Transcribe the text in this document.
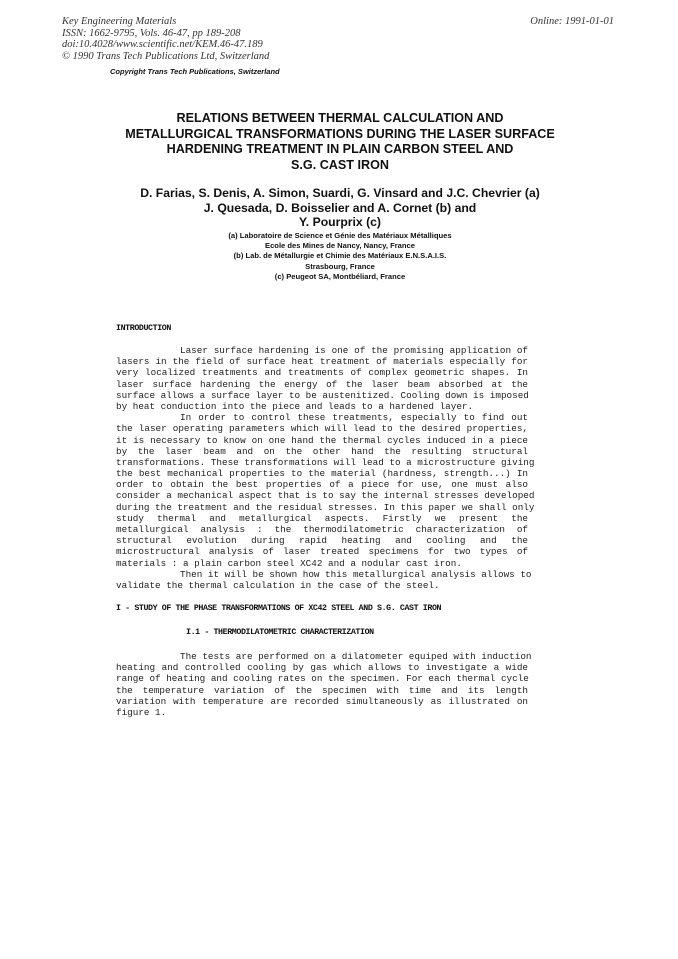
Key Engineering Materials
ISSN: 1662-9795, Vols. 46-47, pp 189-208
doi:10.4028/www.scientific.net/KEM.46-47.189
© 1990 Trans Tech Publications Ltd, Switzerland
Online: 1991-01-01
Copyright Trans Tech Publications, Switzerland
RELATIONS BETWEEN THERMAL CALCULATION AND
METALLURGICAL TRANSFORMATIONS DURING THE LASER SURFACE
HARDENING TREATMENT IN PLAIN CARBON STEEL AND
S.G. CAST IRON
D. Farias, S. Denis, A. Simon, Suardi, G. Vinsard and J.C. Chevrier (a)
J. Quesada, D. Boisselier and A. Cornet (b) and
Y. Pourprix (c)
(a) Laboratoire de Science et Génie des Matériaux Métalliques
Ecole des Mines de Nancy, Nancy, France
(b) Lab. de Métallurgie et Chimie des Matériaux E.N.S.A.I.S.
Strasbourg, France
(c) Peugeot SA, Montbéliard, France
INTRODUCTION
Laser surface hardening is one of the promising application of
lasers in the field of surface heat treatment of materials especially for
very localized treatments and treatments of complex geometric shapes. In
laser surface hardening the energy of the laser beam absorbed at the
surface allows a surface layer to be austenitized. Cooling down is imposed
by heat conduction into the piece and leads to a hardened layer.
In order to control these treatments, especially to find out
the laser operating parameters which will lead to the desired properties,
it is necessary to know on one hand the thermal cycles induced in a piece
by the laser beam and on the other hand the resulting structural
transformations. These transformations will lead to a microstructure giving
the best mechanical properties to the material (hardness, strength...) In
order to obtain the best properties of a piece for use, one must also
consider a mechanical aspect that is to say the internal stresses developed
during the treatment and the residual stresses. In this paper we shall only
study thermal and metallurgical aspects. Firstly we present the
metallurgical analysis : the thermodilatometric characterization of
structural evolution during rapid heating and cooling and the
microstructural analysis of laser treated specimens for two types of
materials : a plain carbon steel XC42 and a nodular cast iron.
Then it will be shown how this metallurgical analysis allows to
validate the thermal calculation in the case of the steel.
I - STUDY OF THE PHASE TRANSFORMATIONS OF XC42 STEEL AND S.G. CAST IRON
I.1 - THERMODILATOMETRIC CHARACTERIZATION
The tests are performed on a dilatometer equiped with induction
heating and controlled cooling by gas which allows to investigate a wide
range of heating and cooling rates on the specimen. For each thermal cycle
the temperature variation of the specimen with time and its length
variation with temperature are recorded simultaneously as illustrated on
figure 1.
